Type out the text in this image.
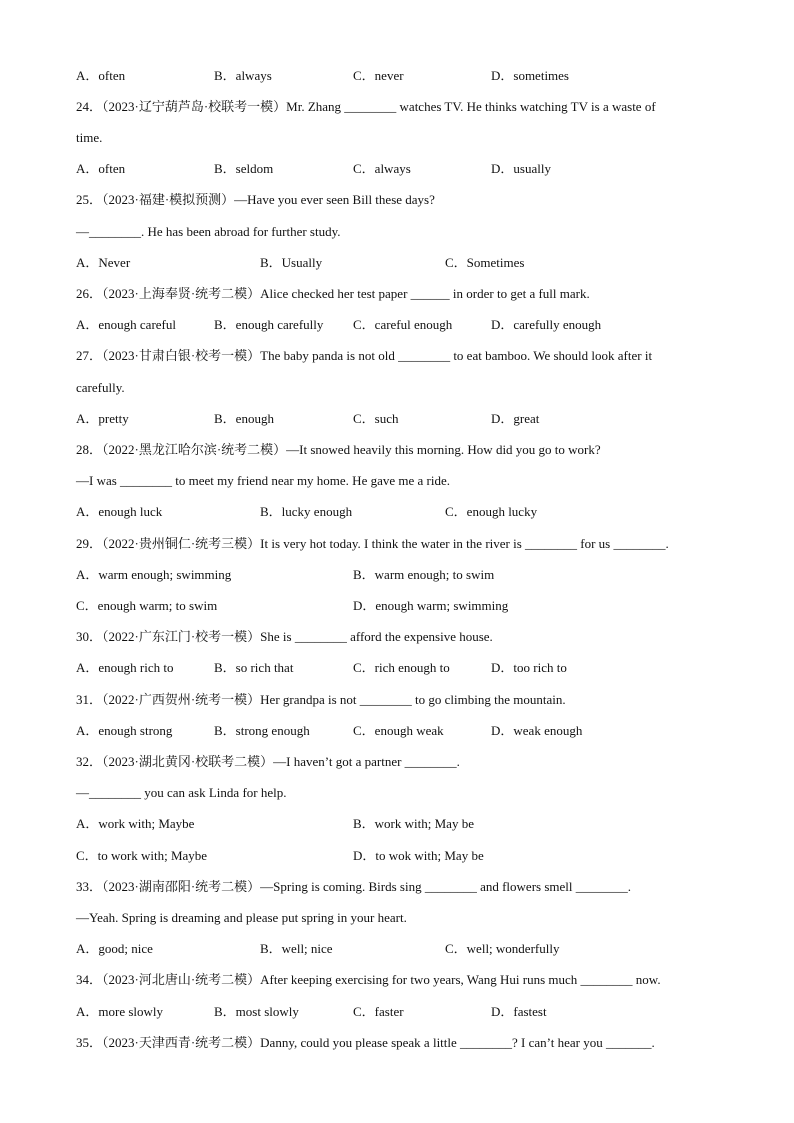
A．often	B．always	C．never	D．sometimes
24．（2023·辽宁葫芦岛·校联考一模）Mr. Zhang ________ watches TV. He thinks watching TV is a waste of
time.
A．often	B．seldom	C．always	D．usually
25．（2023·福建·模拟预测）—Have you ever seen Bill these days?
—________. He has been abroad for further study.
A．Never	B．Usually	C．Sometimes
26．（2023·上海奉贤·统考二模）Alice checked her test paper ______ in order to get a full mark.
A．enough careful	B．enough carefully C．careful enough	D．carefully enough
27．（2023·甘肃白银·校考一模）The baby panda is not old ________ to eat bamboo. We should look after it
carefully.
A．pretty	B．enough	C．such	D．great
28．（2022·黑龙江哈尔滨·统考二模）—It snowed heavily this morning. How did you go to work?
—I was ________ to meet my friend near my home. He gave me a ride.
A．enough luck	B．lucky enough	C．enough lucky
29．（2022·贵州铜仁·统考三模）It is very hot today. I think the water in the river is ________ for us ________.
A．warm enough; swimming	B．warm enough; to swim
C．enough warm; to swim	D．enough warm; swimming
30．（2022·广东江门·校考一模）She is ________ afford the expensive house.
A．enough rich to	B．so rich that	C．rich enough to	D．too rich to
31．（2022·广西贺州·统考一模）Her grandpa is not ________ to go climbing the mountain.
A．enough strong	B．strong enough	C．enough weak	D．weak enough
32．（2023·湖北黄冈·校联考二模）—I haven’t got a partner ________.
—________ you can ask Linda for help.
A．work with; Maybe	B．work with; May be
C．to work with; Maybe	D．to wok with; May be
33．（2023·湖南邵阳·统考二模）—Spring is coming. Birds sing ________ and flowers smell ________.
—Yeah. Spring is dreaming and please put spring in your heart.
A．good; nice	B．well; nice	C．well; wonderfully
34．（2023·河北唐山·统考二模）After keeping exercising for two years, Wang Hui runs much ________ now.
A．more slowly	B．most slowly	C．faster	D．fastest
35．（2023·天津西青·统考二模）Danny, could you please speak a little ________? I can’t hear you _______.
